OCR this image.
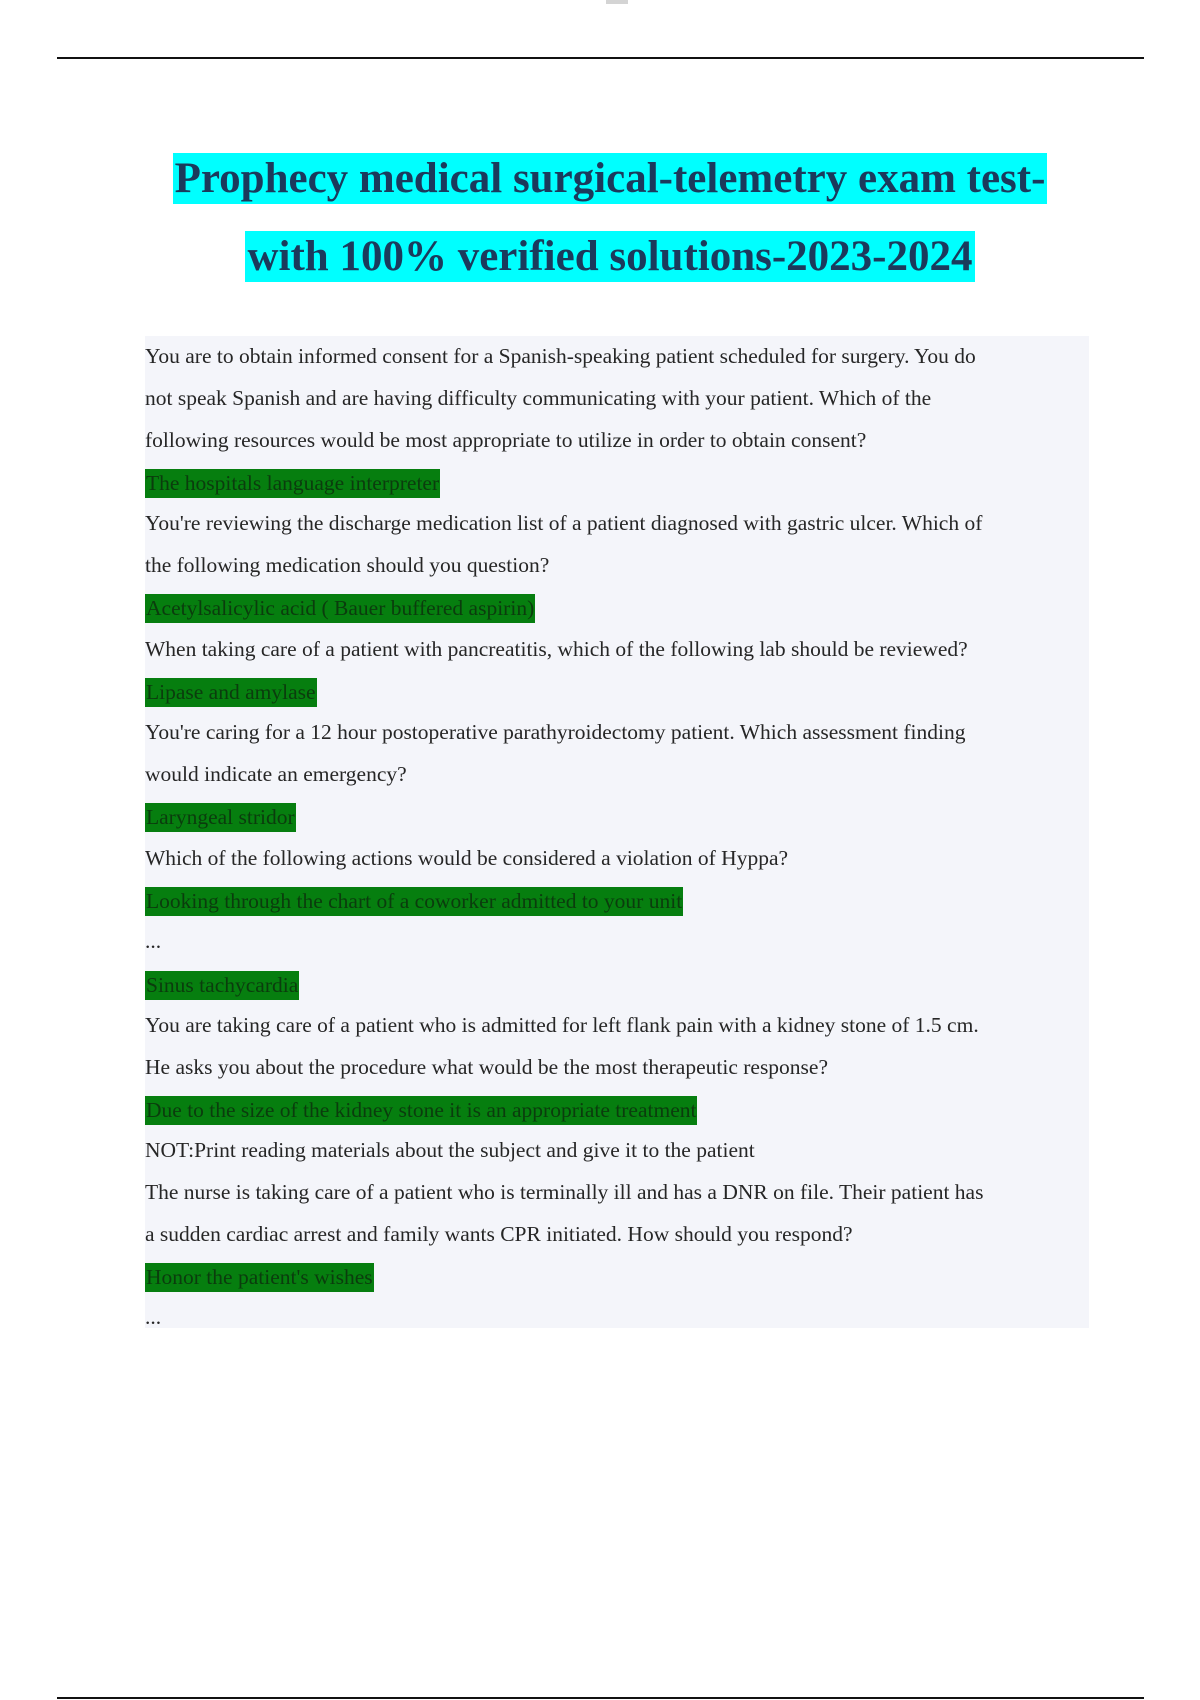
Prophecy medical surgical-telemetry exam test-
with 100% verified solutions-2023-2024
You are to obtain informed consent for a Spanish-speaking patient scheduled for surgery. You do
not speak Spanish and are having difficulty communicating with your patient. Which of the
following resources would be most appropriate to utilize in order to obtain consent?
The hospitals language interpreter
You're reviewing the discharge medication list of a patient diagnosed with gastric ulcer. Which of
the following medication should you question?
Acetylsalicylic acid ( Bauer buffered aspirin)
When taking care of a patient with pancreatitis, which of the following lab should be reviewed?
Lipase and amylase
You're caring for a 12 hour postoperative parathyroidectomy patient. Which assessment finding
would indicate an emergency?
Laryngeal stridor
Which of the following actions would be considered a violation of Hyppa?
Looking through the chart of a coworker admitted to your unit
...
Sinus tachycardia
You are taking care of a patient who is admitted for left flank pain with a kidney stone of 1.5 cm.
He asks you about the procedure what would be the most therapeutic response?
Due to the size of the kidney stone it is an appropriate treatment
NOT:Print reading materials about the subject and give it to the patient
The nurse is taking care of a patient who is terminally ill and has a DNR on file. Their patient has
a sudden cardiac arrest and family wants CPR initiated. How should you respond?
Honor the patient's wishes
...
